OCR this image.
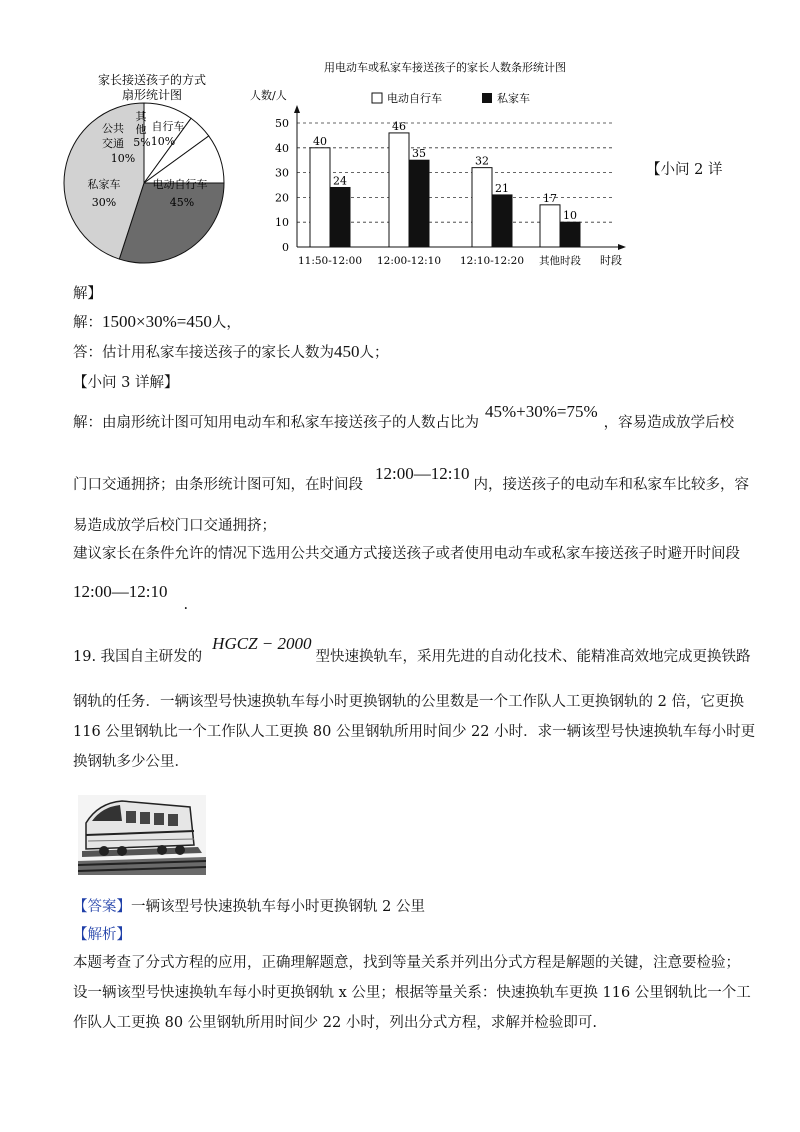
家长接送孩子的方式
扇形统计图
电动自行车
45%
私家车
30%
公共
交通
10%
其
他
5%
自行车
10%
用电动车或私家车接送孩子的家长人数条形统计图
人数/人	电动自行车	私家车
0
10
20
30
40
50
40
24
46
35
32
21
17
10
11:50-12:00 12:00-12:10 12:10-12:20 其他时段 时段
【小问 2 详
解】
解：1500×30%=450人，
答：估计用私家车接送孩子的家长人数为450人；
【小问 3 详解】
解：由扇形统计图可知用电动车和私家车接送孩子的人数占比为45%+30%=75%，容易造成放学后校
门口交通拥挤；由条形统计图可知，在时间段12:00—12:10内，接送孩子的电动车和私家车比较多，容
易造成放学后校门口交通拥挤；
建议家长在条件允许的情况下选用公共交通方式接送孩子或者使用电动车或私家车接送孩子时避开时间段
12:00—12:10.
19. 我国自主研发的HGCZ − 2000型快速换轨车，采用先进的自动化技术、能精准高效地完成更换铁路
钢轨的任务．一辆该型号快速换轨车每小时更换钢轨的公里数是一个工作队人工更换钢轨的 2 倍，它更换
116 公里钢轨比一个工作队人工更换 80 公里钢轨所用时间少 22 小时．求一辆该型号快速换轨车每小时更
换钢轨多少公里．
【答案】一辆该型号快速换轨车每小时更换钢轨 2 公里
【解析】
本题考查了分式方程的应用，正确理解题意，找到等量关系并列出分式方程是解题的关键，注意要检验；
设一辆该型号快速换轨车每小时更换钢轨 x 公里；根据等量关系：快速换轨车更换 116 公里钢轨比一个工
作队人工更换 80 公里钢轨所用时间少 22 小时，列出分式方程，求解并检验即可.
